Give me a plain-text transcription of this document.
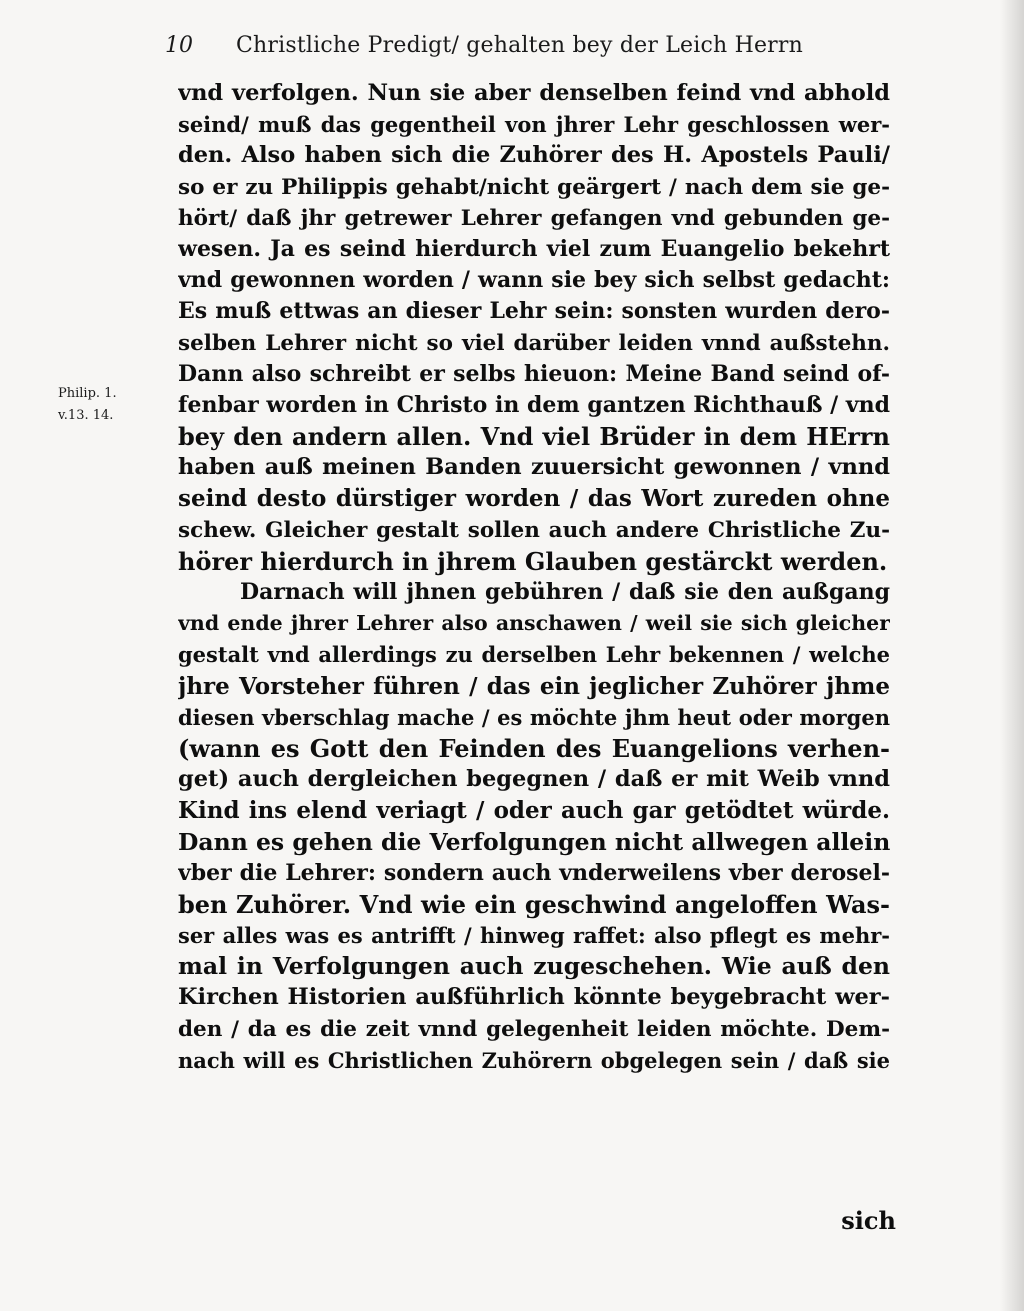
10 Christliche Predigt/ gehalten bey der Leich Herrn
Philip. 1.
v.13. 14.
vnd verfolgen. Nun sie aber denselben feind vnd abhold
seind/ muß das gegentheil von jhrer Lehr geschlossen wer-
den. Also haben sich die Zuhörer des H. Apostels Pauli/
so er zu Philippis gehabt/nicht geärgert / nach dem sie ge-
hört/ daß jhr getrewer Lehrer gefangen vnd gebunden ge-
wesen. Ja es seind hierdurch viel zum Euangelio bekehrt
vnd gewonnen worden / wann sie bey sich selbst gedacht:
Es muß ettwas an dieser Lehr sein: sonsten wurden dero-
selben Lehrer nicht so viel darüber leiden vnnd außstehn.
Dann also schreibt er selbs hieuon: Meine Band seind of-
fenbar worden in Christo in dem gantzen Richthauß / vnd
bey den andern allen. Vnd viel Brüder in dem HErrn
haben auß meinen Banden zuuersicht gewonnen / vnnd
seind desto dürstiger worden / das Wort zureden ohne
schew. Gleicher gestalt sollen auch andere Christliche Zu-
hörer hierdurch in jhrem Glauben gestärckt werden.
Darnach will jhnen gebühren / daß sie den außgang
vnd ende jhrer Lehrer also anschawen / weil sie sich gleicher
gestalt vnd allerdings zu derselben Lehr bekennen / welche
jhre Vorsteher führen / das ein jeglicher Zuhörer jhme
diesen vberschlag mache / es möchte jhm heut oder morgen
(wann es Gott den Feinden des Euangelions verhen-
get) auch dergleichen begegnen / daß er mit Weib vnnd
Kind ins elend veriagt / oder auch gar getödtet würde.
Dann es gehen die Verfolgungen nicht allwegen allein
vber die Lehrer: sondern auch vnderweilens vber derosel-
ben Zuhörer. Vnd wie ein geschwind angeloffen Was-
ser alles was es antrifft / hinweg raffet: also pflegt es mehr-
mal in Verfolgungen auch zugeschehen. Wie auß den
Kirchen Historien außführlich könnte beygebracht wer-
den / da es die zeit vnnd gelegenheit leiden möchte. Dem-
nach will es Christlichen Zuhörern obgelegen sein / daß sie
sich
